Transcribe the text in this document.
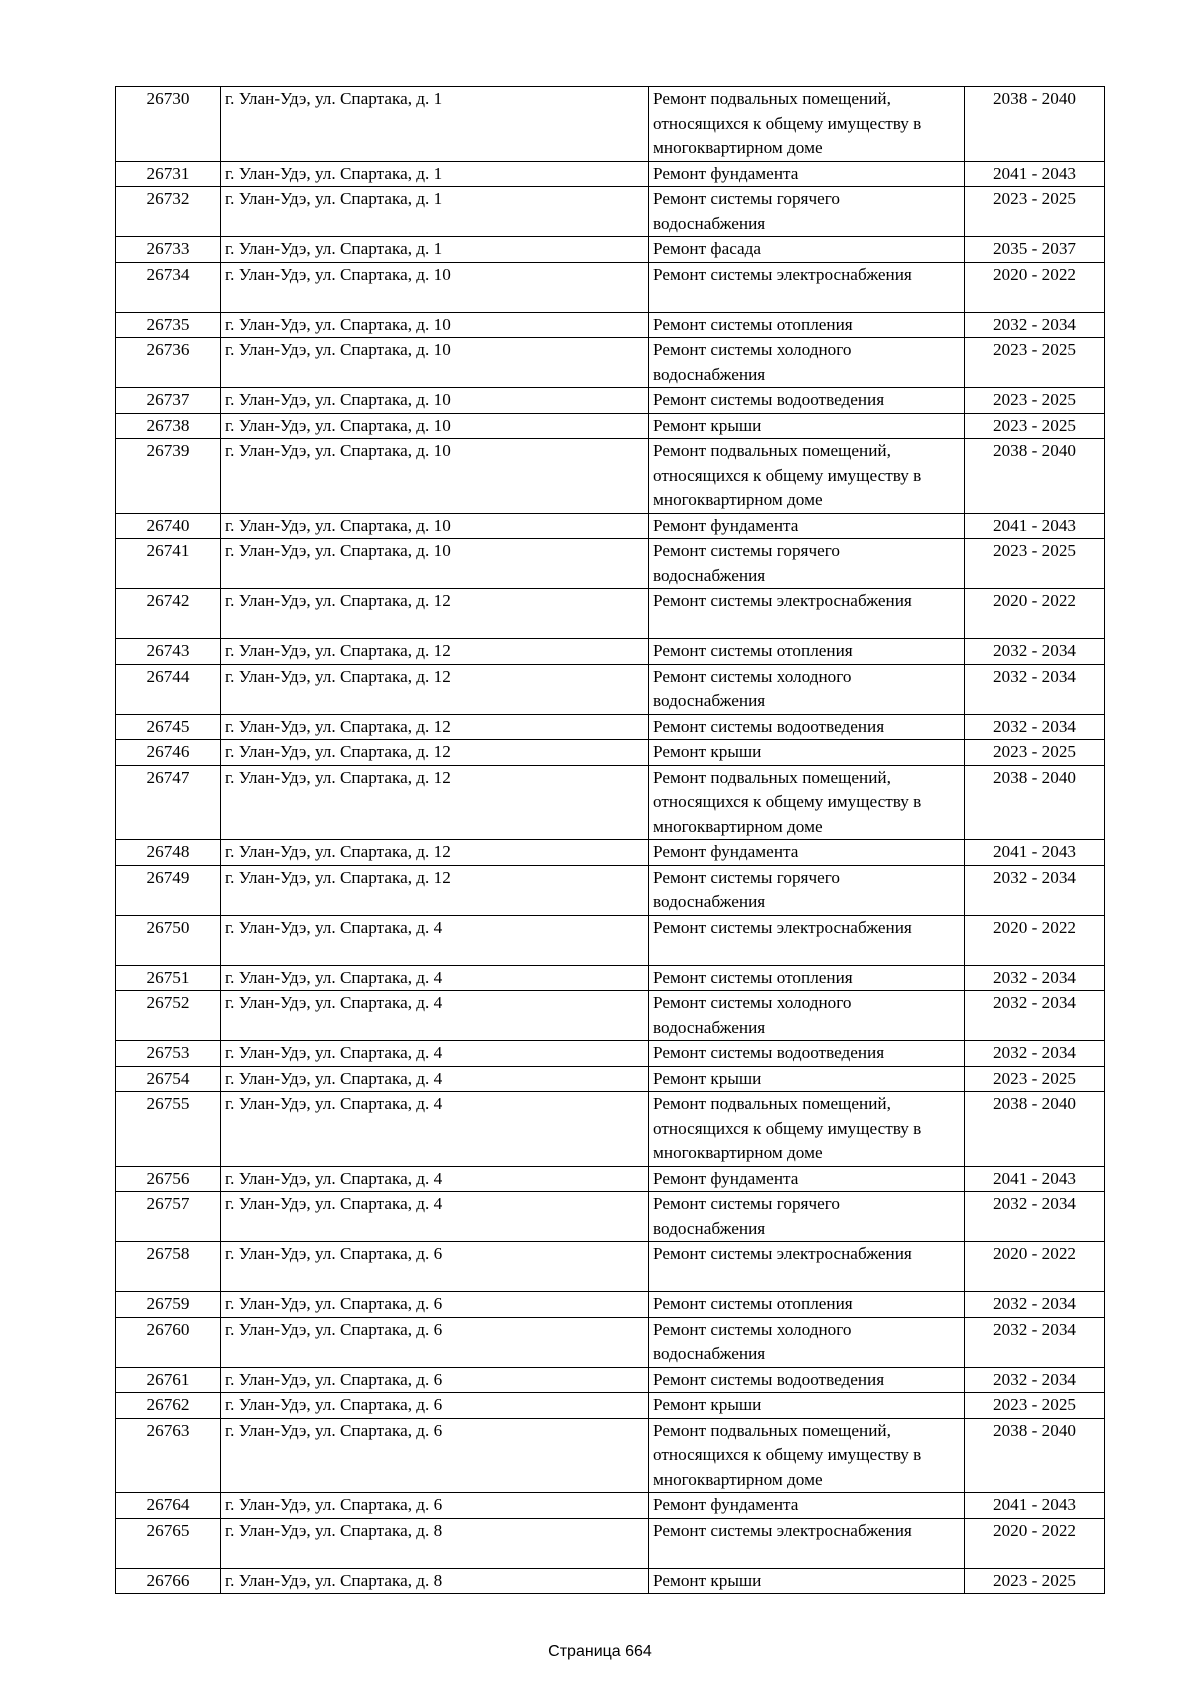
26730	г. Улан-Удэ, ул. Спартака, д. 1	Ремонт подвальных помещений,
относящихся к общему имуществу в
многоквартирном доме	2038 - 2040
26731	г. Улан-Удэ, ул. Спартака, д. 1	Ремонт фундамента	2041 - 2043
26732	г. Улан-Удэ, ул. Спартака, д. 1	Ремонт системы горячего
водоснабжения	2023 - 2025
26733	г. Улан-Удэ, ул. Спартака, д. 1	Ремонт фасада	2035 - 2037
26734	г. Улан-Удэ, ул. Спартака, д. 10	Ремонт системы электроснабжения	2020 - 2022
26735	г. Улан-Удэ, ул. Спартака, д. 10	Ремонт системы отопления	2032 - 2034
26736	г. Улан-Удэ, ул. Спартака, д. 10	Ремонт системы холодного
водоснабжения	2023 - 2025
26737	г. Улан-Удэ, ул. Спартака, д. 10	Ремонт системы водоотведения	2023 - 2025
26738	г. Улан-Удэ, ул. Спартака, д. 10	Ремонт крыши	2023 - 2025
26739	г. Улан-Удэ, ул. Спартака, д. 10	Ремонт подвальных помещений,
относящихся к общему имуществу в
многоквартирном доме	2038 - 2040
26740	г. Улан-Удэ, ул. Спартака, д. 10	Ремонт фундамента	2041 - 2043
26741	г. Улан-Удэ, ул. Спартака, д. 10	Ремонт системы горячего
водоснабжения	2023 - 2025
26742	г. Улан-Удэ, ул. Спартака, д. 12	Ремонт системы электроснабжения	2020 - 2022
26743	г. Улан-Удэ, ул. Спартака, д. 12	Ремонт системы отопления	2032 - 2034
26744	г. Улан-Удэ, ул. Спартака, д. 12	Ремонт системы холодного
водоснабжения	2032 - 2034
26745	г. Улан-Удэ, ул. Спартака, д. 12	Ремонт системы водоотведения	2032 - 2034
26746	г. Улан-Удэ, ул. Спартака, д. 12	Ремонт крыши	2023 - 2025
26747	г. Улан-Удэ, ул. Спартака, д. 12	Ремонт подвальных помещений,
относящихся к общему имуществу в
многоквартирном доме	2038 - 2040
26748	г. Улан-Удэ, ул. Спартака, д. 12	Ремонт фундамента	2041 - 2043
26749	г. Улан-Удэ, ул. Спартака, д. 12	Ремонт системы горячего
водоснабжения	2032 - 2034
26750	г. Улан-Удэ, ул. Спартака, д. 4	Ремонт системы электроснабжения	2020 - 2022
26751	г. Улан-Удэ, ул. Спартака, д. 4	Ремонт системы отопления	2032 - 2034
26752	г. Улан-Удэ, ул. Спартака, д. 4	Ремонт системы холодного
водоснабжения	2032 - 2034
26753	г. Улан-Удэ, ул. Спартака, д. 4	Ремонт системы водоотведения	2032 - 2034
26754	г. Улан-Удэ, ул. Спартака, д. 4	Ремонт крыши	2023 - 2025
26755	г. Улан-Удэ, ул. Спартака, д. 4	Ремонт подвальных помещений,
относящихся к общему имуществу в
многоквартирном доме	2038 - 2040
26756	г. Улан-Удэ, ул. Спартака, д. 4	Ремонт фундамента	2041 - 2043
26757	г. Улан-Удэ, ул. Спартака, д. 4	Ремонт системы горячего
водоснабжения	2032 - 2034
26758	г. Улан-Удэ, ул. Спартака, д. 6	Ремонт системы электроснабжения	2020 - 2022
26759	г. Улан-Удэ, ул. Спартака, д. 6	Ремонт системы отопления	2032 - 2034
26760	г. Улан-Удэ, ул. Спартака, д. 6	Ремонт системы холодного
водоснабжения	2032 - 2034
26761	г. Улан-Удэ, ул. Спартака, д. 6	Ремонт системы водоотведения	2032 - 2034
26762	г. Улан-Удэ, ул. Спартака, д. 6	Ремонт крыши	2023 - 2025
26763	г. Улан-Удэ, ул. Спартака, д. 6	Ремонт подвальных помещений,
относящихся к общему имуществу в
многоквартирном доме	2038 - 2040
26764	г. Улан-Удэ, ул. Спартака, д. 6	Ремонт фундамента	2041 - 2043
26765	г. Улан-Удэ, ул. Спартака, д. 8	Ремонт системы электроснабжения	2020 - 2022
26766	г. Улан-Удэ, ул. Спартака, д. 8	Ремонт крыши	2023 - 2025
Страница 664
